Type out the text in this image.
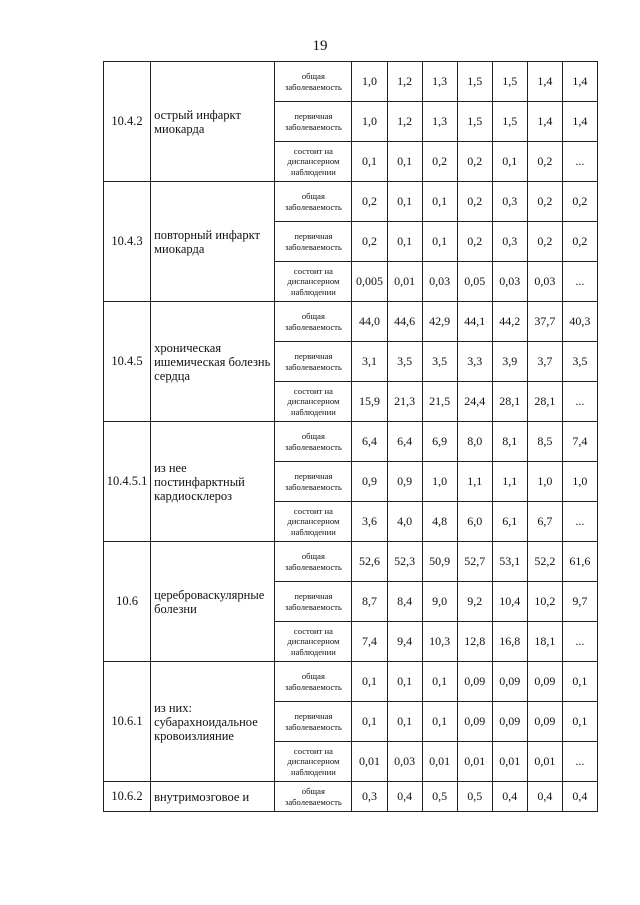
19
10.4.2	острый инфаркт миокарда	общая заболеваемость	1,0	1,2	1,3	1,5	1,5	1,4	1,4
		первичная заболеваемость	1,0	1,2	1,3	1,5	1,5	1,4	1,4
		состоит на диспансерном наблюдении	0,1	0,1	0,2	0,2	0,1	0,2	...
10.4.3	повторный инфаркт миокарда	общая заболеваемость	0,2	0,1	0,1	0,2	0,3	0,2	0,2
		первичная заболеваемость	0,2	0,1	0,1	0,2	0,3	0,2	0,2
		состоит на диспансерном наблюдении	0,005	0,01	0,03	0,05	0,03	0,03	...
10.4.5	хроническая ишемическая болезнь сердца	общая заболеваемость	44,0	44,6	42,9	44,1	44,2	37,7	40,3
		первичная заболеваемость	3,1	3,5	3,5	3,3	3,9	3,7	3,5
		состоит на диспансерном наблюдении	15,9	21,3	21,5	24,4	28,1	28,1	...
10.4.5.1	из нее постинфарктный кардиосклероз	общая заболеваемость	6,4	6,4	6,9	8,0	8,1	8,5	7,4
		первичная заболеваемость	0,9	0,9	1,0	1,1	1,1	1,0	1,0
		состоит на диспансерном наблюдении	3,6	4,0	4,8	6,0	6,1	6,7	...
10.6	цереброваскулярные болезни	общая заболеваемость	52,6	52,3	50,9	52,7	53,1	52,2	61,6
		первичная заболеваемость	8,7	8,4	9,0	9,2	10,4	10,2	9,7
		состоит на диспансерном наблюдении	7,4	9,4	10,3	12,8	16,8	18,1	...
10.6.1	из них: субарахноидальное кровоизлияние	общая заболеваемость	0,1	0,1	0,1	0,09	0,09	0,09	0,1
		первичная заболеваемость	0,1	0,1	0,1	0,09	0,09	0,09	0,1
		состоит на диспансерном наблюдении	0,01	0,03	0,01	0,01	0,01	0,01	...
10.6.2	внутримозговое и	общая заболеваемость	0,3	0,4	0,5	0,5	0,4	0,4	0,4
